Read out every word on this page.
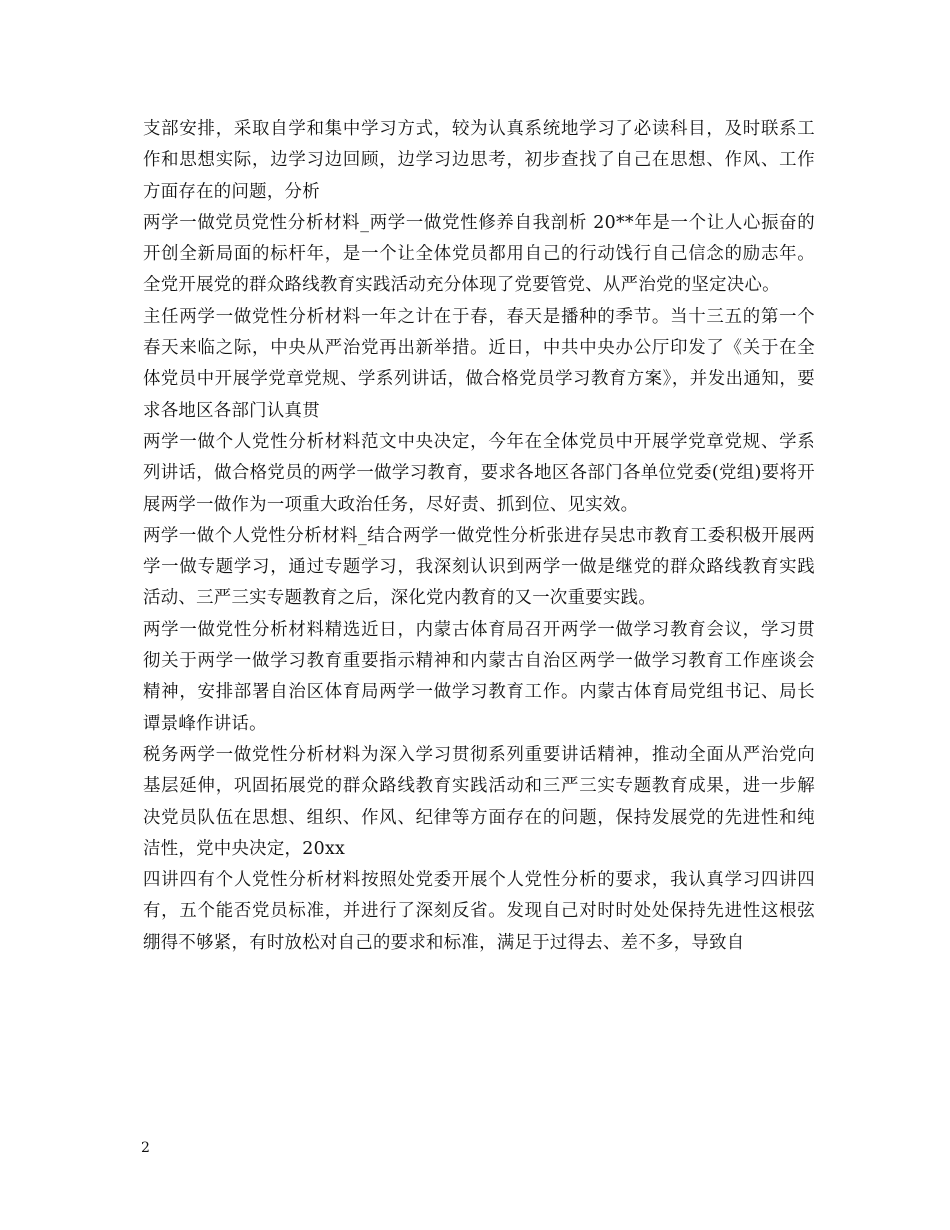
支部安排，采取自学和集中学习方式，较为认真系统地学习了必读科目，及时联系工作和思想实际，边学习边回顾，边学习边思考，初步查找了自己在思想、作风、工作方面存在的问题，分析

两学一做党员党性分析材料_两学一做党性修养自我剖析 20**年是一个让人心振奋的开创全新局面的标杆年，是一个让全体党员都用自己的行动饯行自己信念的励志年。全党开展党的群众路线教育实践活动充分体现了党要管党、从严治党的坚定决心。

主任两学一做党性分析材料一年之计在于春，春天是播种的季节。当十三五的第一个春天来临之际，中央从严治党再出新举措。近日，中共中央办公厅印发了《关于在全体党员中开展学党章党规、学系列讲话，做合格党员学习教育方案》，并发出通知，要求各地区各部门认真贯

两学一做个人党性分析材料范文中央决定，今年在全体党员中开展学党章党规、学系列讲话，做合格党员的两学一做学习教育，要求各地区各部门各单位党委(党组)要将开展两学一做作为一项重大政治任务，尽好责、抓到位、见实效。

两学一做个人党性分析材料_结合两学一做党性分析张进存吴忠市教育工委积极开展两学一做专题学习，通过专题学习，我深刻认识到两学一做是继党的群众路线教育实践活动、三严三实专题教育之后，深化党内教育的又一次重要实践。

两学一做党性分析材料精选近日，内蒙古体育局召开两学一做学习教育会议，学习贯彻关于两学一做学习教育重要指示精神和内蒙古自治区两学一做学习教育工作座谈会精神，安排部署自治区体育局两学一做学习教育工作。内蒙古体育局党组书记、局长谭景峰作讲话。

税务两学一做党性分析材料为深入学习贯彻系列重要讲话精神，推动全面从严治党向基层延伸，巩固拓展党的群众路线教育实践活动和三严三实专题教育成果，进一步解决党员队伍在思想、组织、作风、纪律等方面存在的问题，保持发展党的先进性和纯洁性，党中央决定，20xx

四讲四有个人党性分析材料按照处党委开展个人党性分析的要求，我认真学习四讲四有，五个能否党员标准，并进行了深刻反省。发现自己对时时处处保持先进性这根弦绷得不够紧，有时放松对自己的要求和标准，满足于过得去、差不多，导致自

2
